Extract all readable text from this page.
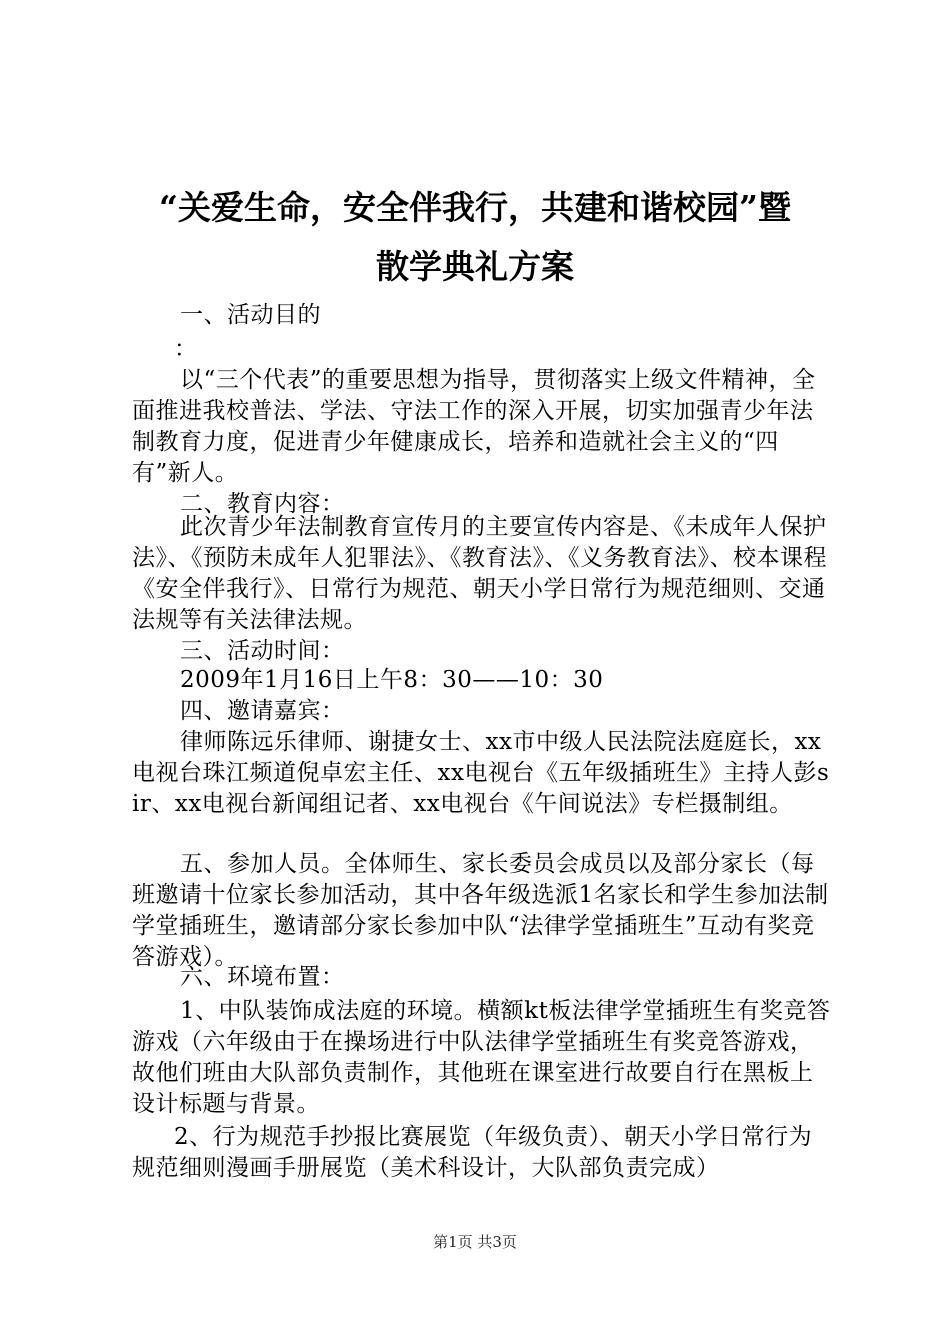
“关爱生命，安全伴我行，共建和谐校园”暨
散学典礼方案
一、活动目的
：
以“三个代表”的重要思想为指导，贯彻落实上级文件精神，全面推进我校普法、学法、守法工作的深入开展，切实加强青少年法制教育力度，促进青少年健康成长，培养和造就社会主义的“四有”新人。
二、教育内容：
此次青少年法制教育宣传月的主要宣传内容是、《未成年人保护法》、《预防未成年人犯罪法》、《教育法》、《义务教育法》、校本课程《安全伴我行》、日常行为规范、朝天小学日常行为规范细则、交通法规等有关法律法规。
三、活动时间：
2009年1月16日上午8：30——10：30
四、邀请嘉宾：
律师陈远乐律师、谢捷女士、xx市中级人民法院法庭庭长，xx电视台珠江频道倪卓宏主任、xx电视台《五年级插班生》主持人彭sir、xx电视台新闻组记者、xx电视台《午间说法》专栏摄制组。
五、参加人员。全体师生、家长委员会成员以及部分家长（每班邀请十位家长参加活动，其中各年级选派1名家长和学生参加法制学堂插班生，邀请部分家长参加中队“法律学堂插班生”互动有奖竞答游戏）。
六、环境布置：
1、中队装饰成法庭的环境。横额kt板法律学堂插班生有奖竞答游戏（六年级由于在操场进行中队法律学堂插班生有奖竞答游戏，故他们班由大队部负责制作，其他班在课室进行故要自行在黑板上设计标题与背景。
2、行为规范手抄报比赛展览（年级负责）、朝天小学日常行为规范细则漫画手册展览（美术科设计，大队部负责完成）
第1页 共3页
